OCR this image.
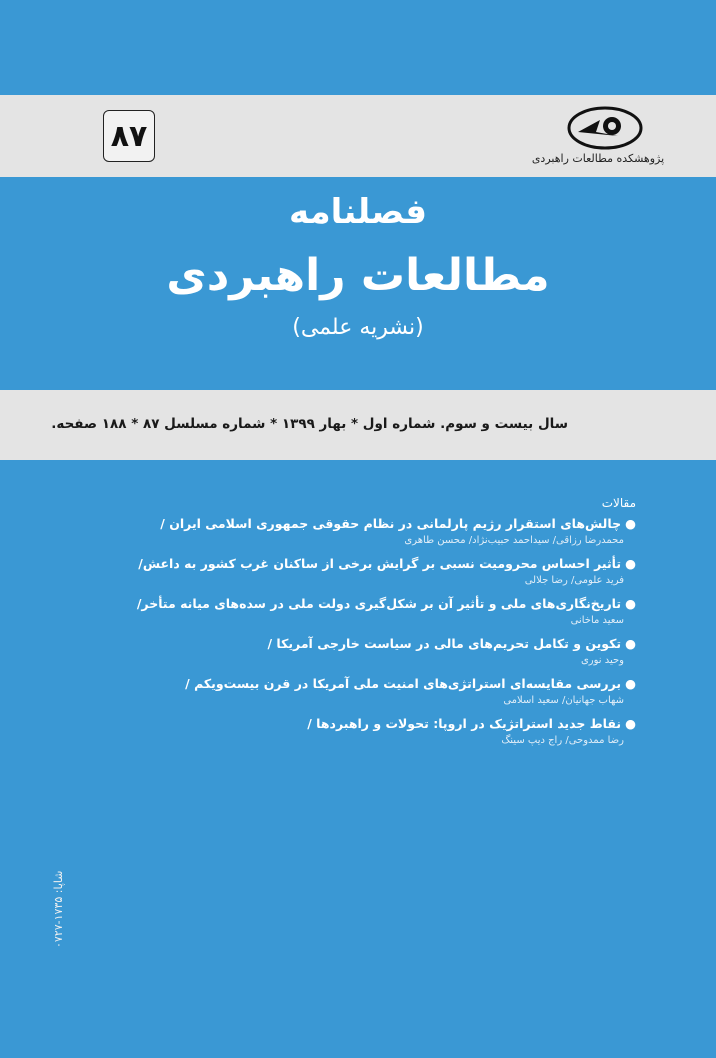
۸۷
پژوهشکده مطالعات راهبردی
فصلنامه
مطالعات راهبردی
(نشریه علمی)
سال بیست و سوم. شماره اول * بهار ۱۳۹۹ * شماره مسلسل ۸۷ * ۱۸۸ صفحه.
مقالات
●چالش‌های استقرار رژیم پارلمانی در نظام حقوقی جمهوری اسلامی ایران /
محمدرضا رزاقی/ سیداحمد حبیب‌نژاد/ محسن طاهری
●تأثیر احساس محرومیت نسبی بر گرایش برخی از ساکنان غرب کشور به داعش/
فرید علومی/ رضا جلالی
●تاریخ‌نگاری‌های ملی و تأثیر آن بر شکل‌گیری دولت ملی در سده‌های میانه متأخر/
سعید ماخانی
●تکوین و تکامل تحریم‌های مالی در سیاست خارجی آمریکا /
وحید نوری
●بررسی مقایسه‌ای استراتژی‌های امنیت ملی آمریکا در قرن بیست‌ویکم /
شهاب جهانیان/ سعید اسلامی
●نقاط جدید استراتژیک در اروپا: تحولات و راهبردها /
رضا ممدوحی/ راج دیپ سینگ
شاپا: ۱۷۳۵-۰۷۲۷
